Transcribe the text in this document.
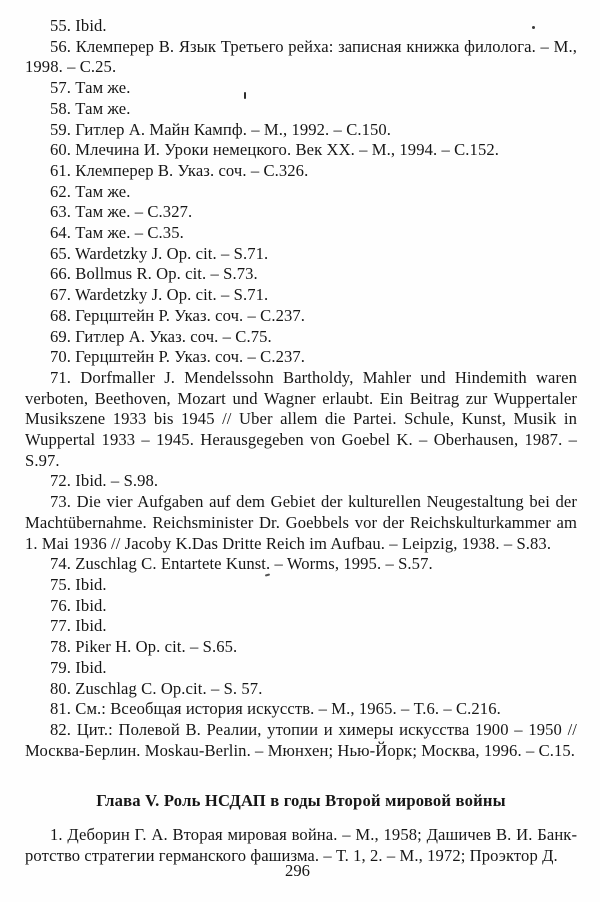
55. Ibid.

56. Клемперер В. Язык Третьего рейха: записная книжка филолога. – М., 1998. – С.25.

57. Там же.

58. Там же.

59. Гитлер А. Майн Кампф. – М., 1992. – С.150.

60. Млечина И. Уроки немецкого. Век XX. – М., 1994. – С.152.

61. Клемперер В. Указ. соч. – С.326.

62. Там же.

63. Там же. – С.327.

64. Там же. – С.35.

65. Wardetzky J. Op. cit. – S.71.

66. Bollmus R. Op. cit. – S.73.

67. Wardetzky J. Op. cit. – S.71.

68. Герцштейн Р. Указ. соч. – С.237.

69. Гитлер А. Указ. соч. – С.75.

70. Герцштейн Р. Указ. соч. – С.237.

71. Dorfmaller J. Mendelssohn Bartholdy, Mahler und Hindemith waren verboten, Beethoven, Mozart und Wagner erlaubt. Ein Beitrag zur Wuppertaler Musikszene 1933 bis 1945 // Uber allem die Partei. Schule, Kunst, Musik in Wuppertal 1933 – 1945. Herausgegeben von Goebel K. – Oberhausen, 1987. – S.97.

72. Ibid. – S.98.

73. Die vier Aufgaben auf dem Gebiet der kulturellen Neugestaltung bei der Machtübernahme. Reichsminister Dr. Goebbels vor der Reichskulturkammer am 1. Mai 1936 // Jacoby K.Das Dritte Reich im Aufbau. – Leipzig, 1938. – S.83.

74. Zuschlag C. Entartete Kunst. – Worms, 1995. – S.57.

75. Ibid.

76. Ibid.

77. Ibid.

78. Piker H. Op. cit. – S.65.

79. Ibid.

80. Zuschlag C. Op.cit. – S. 57.

81. См.: Всеобщая история искусств. – М., 1965. – Т.6. – С.216.

82. Цит.: Полевой В. Реалии, утопии и химеры искусства 1900 – 1950 // Москва-Берлин. Moskau-Berlin. – Мюнхен; Нью-Йорк; Москва, 1996. – С.15.

Глава V. Роль НСДАП в годы Второй мировой войны

1. Деборин Г. А. Вторая мировая война. – М., 1958; Дашичев В. И. Банкротство стратегии германского фашизма. – Т. 1, 2. – М., 1972; Проэктор Д.

296
